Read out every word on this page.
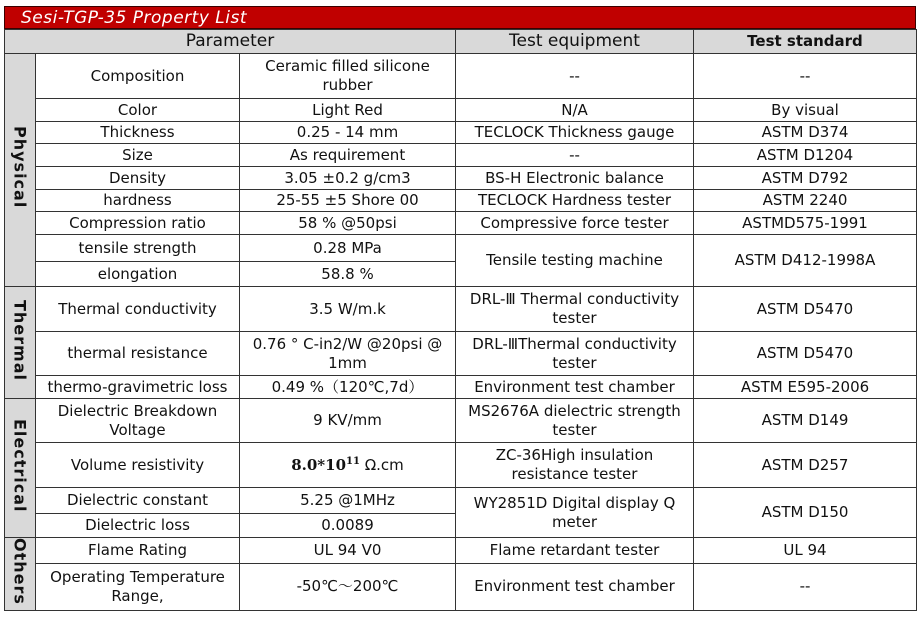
Sesi-TGP-35 Property List
Parameter			Test equipment	Test standard
Physical	Composition	Ceramic filled silicone rubber	--	--
	Color	Light Red	N/A	By visual
	Thickness	0.25 - 14 mm	TECLOCK Thickness gauge	ASTM D374
	Size	As requirement	--	ASTM D1204
	Density	3.05 ±0.2 g/cm3	BS-H Electronic balance	ASTM D792
	hardness	25-55 ±5 Shore 00	TECLOCK Hardness tester	ASTM 2240
	Compression ratio	58 % @50psi	Compressive force tester	ASTMD575-1991
	tensile strength	0.28 MPa	Tensile testing machine	ASTM D412-1998A
	elongation	58.8 %		
Thermal	Thermal conductivity	3.5 W/m.k	DRL-Ⅲ Thermal conductivity tester	ASTM D5470
	thermal resistance	0.76 ° C-in2/W @20psi @ 1mm	DRL-ⅢThermal conductivity tester	ASTM D5470
	thermo-gravimetric loss	0.49 %（120℃,7d）	Environment test chamber	ASTM E595-2006
Electrical	Dielectric Breakdown Voltage	9 KV/mm	MS2676A dielectric strength tester	ASTM D149
	Volume resistivity	$8.0*10^{11}$ Ω.cm	ZC-36High insulation resistance tester	ASTM D257
	Dielectric constant	5.25 @1MHz	WY2851D Digital display Q meter	ASTM D150
	Dielectric loss	0.0089		
Others	Flame Rating	UL 94 V0	Flame retardant tester	UL 94
	Operating Temperature Range,	-50℃～200℃	Environment test chamber	--
